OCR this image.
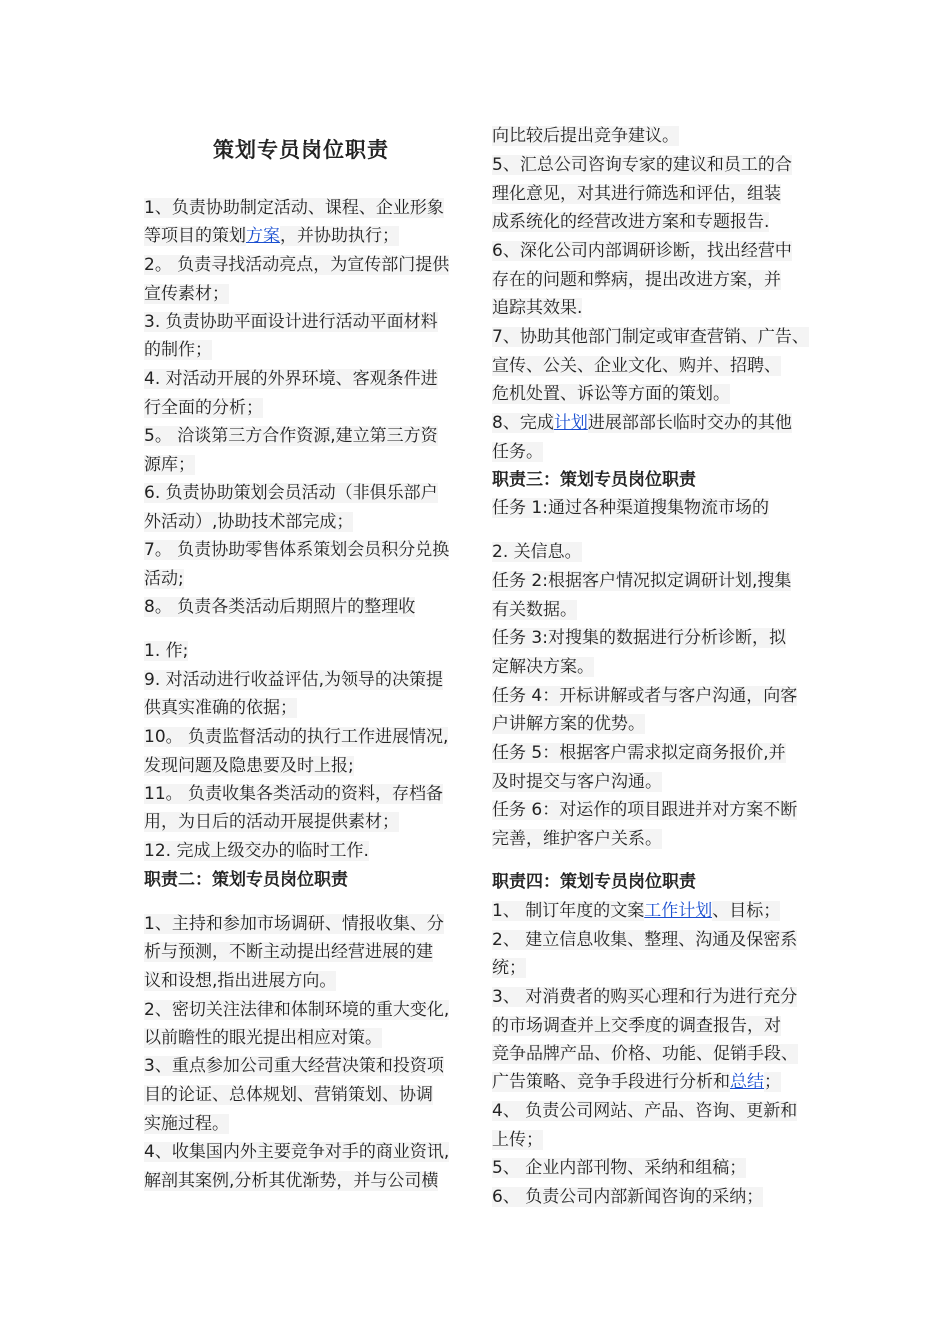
策划专员岗位职责
1、负责协助制定活动、课程、企业形象
等项目的策划方案，并协助执行；
2。 负责寻找活动亮点，为宣传部门提供
宣传素材；
3. 负责协助平面设计进行活动平面材料
的制作；
4. 对活动开展的外界环境、客观条件进
行全面的分析；
5。 洽谈第三方合作资源,建立第三方资
源库；
6. 负责协助策划会员活动（非俱乐部户
外活动）,协助技术部完成；
7。 负责协助零售体系策划会员积分兑换
活动;
8。 负责各类活动后期照片的整理收
1. 作;
9. 对活动进行收益评估,为领导的决策提
供真实准确的依据；
10。 负责监督活动的执行工作进展情况,
发现问题及隐患要及时上报;
11。 负责收集各类活动的资料，存档备
用，为日后的活动开展提供素材；
12. 完成上级交办的临时工作.
职责二：策划专员岗位职责
1、主持和参加市场调研、情报收集、分
析与预测，不断主动提出经营进展的建
议和设想,指出进展方向。
2、密切关注法律和体制环境的重大变化,
以前瞻性的眼光提出相应对策。
3、重点参加公司重大经营决策和投资项
目的论证、总体规划、营销策划、协调
实施过程。
4、收集国内外主要竞争对手的商业资讯,
解剖其案例,分析其优渐势，并与公司横
向比较后提出竞争建议。
5、汇总公司咨询专家的建议和员工的合
理化意见，对其进行筛选和评估，组装
成系统化的经营改进方案和专题报告.
6、深化公司内部调研诊断，找出经营中
存在的问题和弊病，提出改进方案，并
追踪其效果.
7、协助其他部门制定或审查营销、广告、
宣传、公关、企业文化、购并、招聘、
危机处置、诉讼等方面的策划。
8、完成计划进展部部长临时交办的其他
任务。
职责三：策划专员岗位职责
任务 1:通过各种渠道搜集物流市场的
2. 关信息。
任务 2:根据客户情况拟定调研计划,搜集
有关数据。
任务 3:对搜集的数据进行分析诊断，拟
定解决方案。
任务 4：开标讲解或者与客户沟通，向客
户讲解方案的优势。
任务 5：根据客户需求拟定商务报价,并
及时提交与客户沟通。
任务 6：对运作的项目跟进并对方案不断
完善，维护客户关系。
职责四：策划专员岗位职责
1、 制订年度的文案工作计划、目标；
2、 建立信息收集、整理、沟通及保密系
统；
3、 对消费者的购买心理和行为进行充分
的市场调查并上交季度的调查报告，对
竞争品牌产品、价格、功能、促销手段、
广告策略、竞争手段进行分析和总结；
4、 负责公司网站、产品、咨询、更新和
上传；
5、 企业内部刊物、采纳和组稿；
6、 负责公司内部新闻咨询的采纳；
